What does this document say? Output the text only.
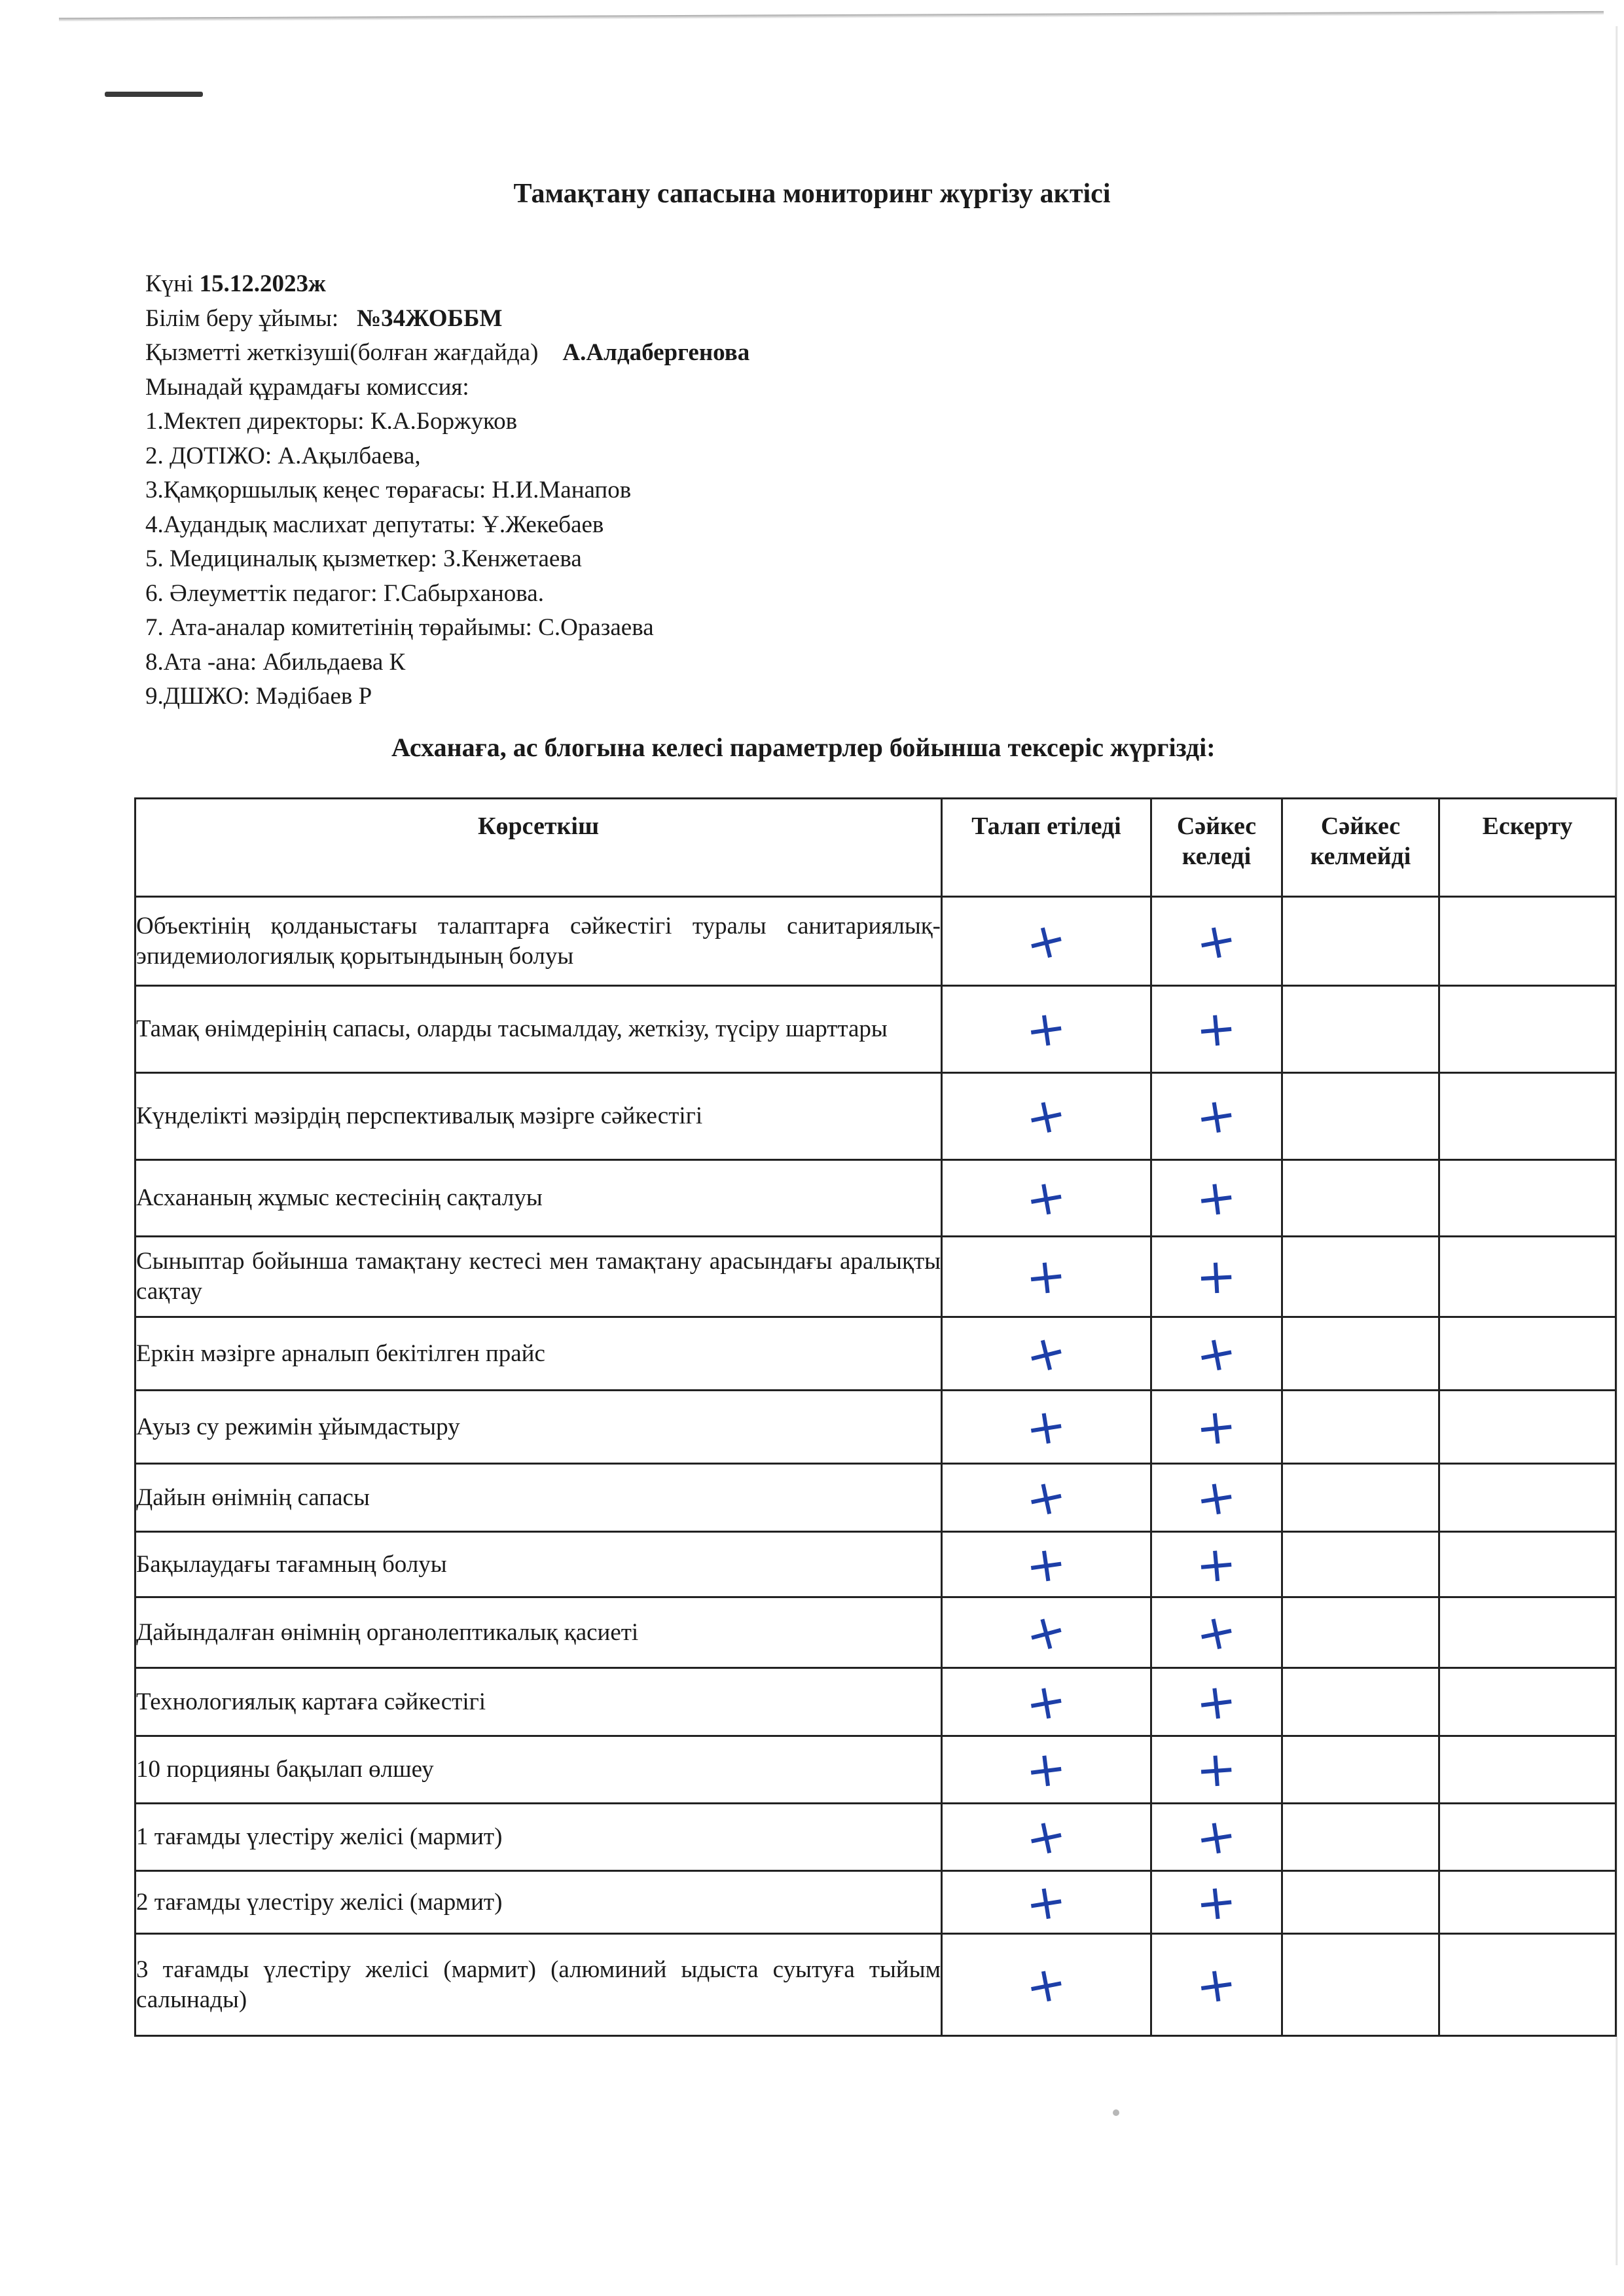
Тамақтану сапасына мониторинг жүргізу актісі
Күні 15.12.2023ж
Білім беру ұйымы: №34ЖОББМ
Қызметті жеткізуші(болған жағдайда) А.Алдабергенова
Мынадай құрамдағы комиссия:
1.Мектеп директоры: К.А.Боржуков
2. ДОТІЖО: А.Ақылбаева,
3.Қамқоршылық кеңес төрағасы: Н.И.Манапов
4.Аудандық маслихат депутаты: Ұ.Жекебаев
5. Медициналық қызметкер: З.Кенжетаева
6. Әлеуметтік педагог: Г.Сабырханова.
7. Ата-аналар комитетінің төрайымы: С.Оразаева
8.Ата -ана: Абильдаева К
9.ДШЖО: Мәдібаев Р
Асханаға, ас блогына келесі параметрлер бойынша тексеріс жүргізді:
Көрсеткіш	Талап етіледі	Сәйкес келеді	Сәйкес келмейді	Ескерту
Объектінің қолданыстағы талаптарға сәйкестігі туралы санитариялық-эпидемиологиялық қорытындының болуы	+	+		
Тамақ өнімдерінің сапасы, оларды тасымалдау, жеткізу, түсіру шарттары	+	+		
Күнделікті мәзірдің перспективалық мәзірге сәйкестігі	+	+		
Асхананың жұмыс кестесінің сақталуы	+	+		
Сыныптар бойынша тамақтану кестесі мен тамақтану арасындағы аралықты сақтау	+	+		
Еркін мәзірге арналып бекітілген прайс	+	+		
Ауыз су режимін ұйымдастыру	+	+		
Дайын өнімнің сапасы	+	+		
Бақылаудағы тағамның болуы	+	+		
Дайындалған өнімнің органолептикалық қасиеті	+	+		
Технологиялық картаға сәйкестігі	+	+		
10 порцияны бақылап өлшеу	+	+		
1 тағамды үлестіру желісі (мармит)	+	+		
2 тағамды үлестіру желісі (мармит)	+	+		
3 тағамды үлестіру желісі (мармит) (алюминий ыдыста суытуға тыйым салынады)	+	+		
